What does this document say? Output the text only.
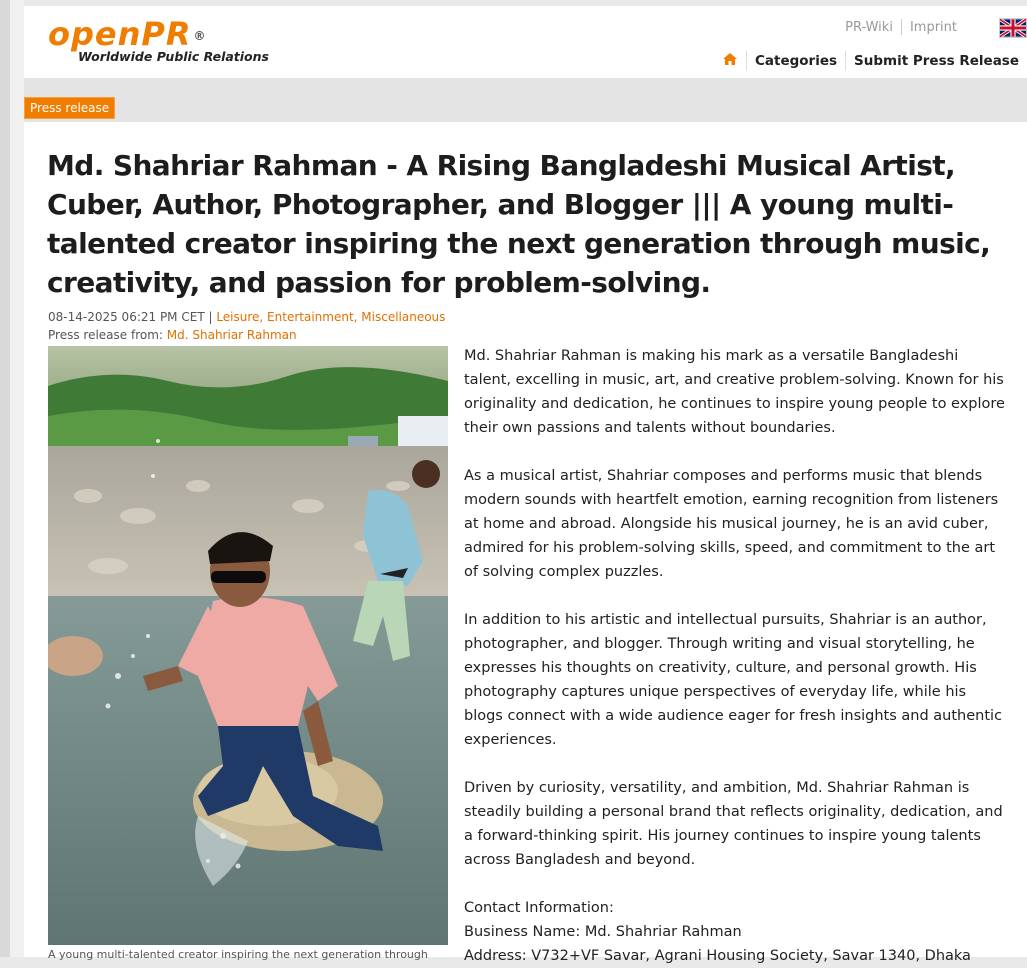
openPR ®
Worldwide Public Relations
PR-Wiki Imprint
Categories	Submit Press Release
Press release
Md. Shahriar Rahman - A Rising Bangladeshi Musical Artist, Cuber, Author, Photographer, and Blogger ||| A young multi-talented creator inspiring the next generation through music, creativity, and passion for problem-solving.
08-14-2025 06:21 PM CET | Leisure, Entertainment, Miscellaneous
Press release from: Md. Shahriar Rahman
A young multi-talented creator inspiring the next generation through

Md. Shahriar Rahman is making his mark as a versatile Bangladeshi talent, excelling in music, art, and creative problem-solving. Known for his originality and dedication, he continues to inspire young people to explore their own passions and talents without boundaries.

As a musical artist, Shahriar composes and performs music that blends modern sounds with heartfelt emotion, earning recognition from listeners at home and abroad. Alongside his musical journey, he is an avid cuber, admired for his problem-solving skills, speed, and commitment to the art of solving complex puzzles.

In addition to his artistic and intellectual pursuits, Shahriar is an author, photographer, and blogger. Through writing and visual storytelling, he expresses his thoughts on creativity, culture, and personal growth. His photography captures unique perspectives of everyday life, while his blogs connect with a wide audience eager for fresh insights and authentic experiences.

Driven by curiosity, versatility, and ambition, Md. Shahriar Rahman is steadily building a personal brand that reflects originality, dedication, and a forward-thinking spirit. His journey continues to inspire young talents across Bangladesh and beyond.

Contact Information:
Business Name: Md. Shahriar Rahman
Address: V732+VF Savar, Agrani Housing Society, Savar 1340, Dhaka
